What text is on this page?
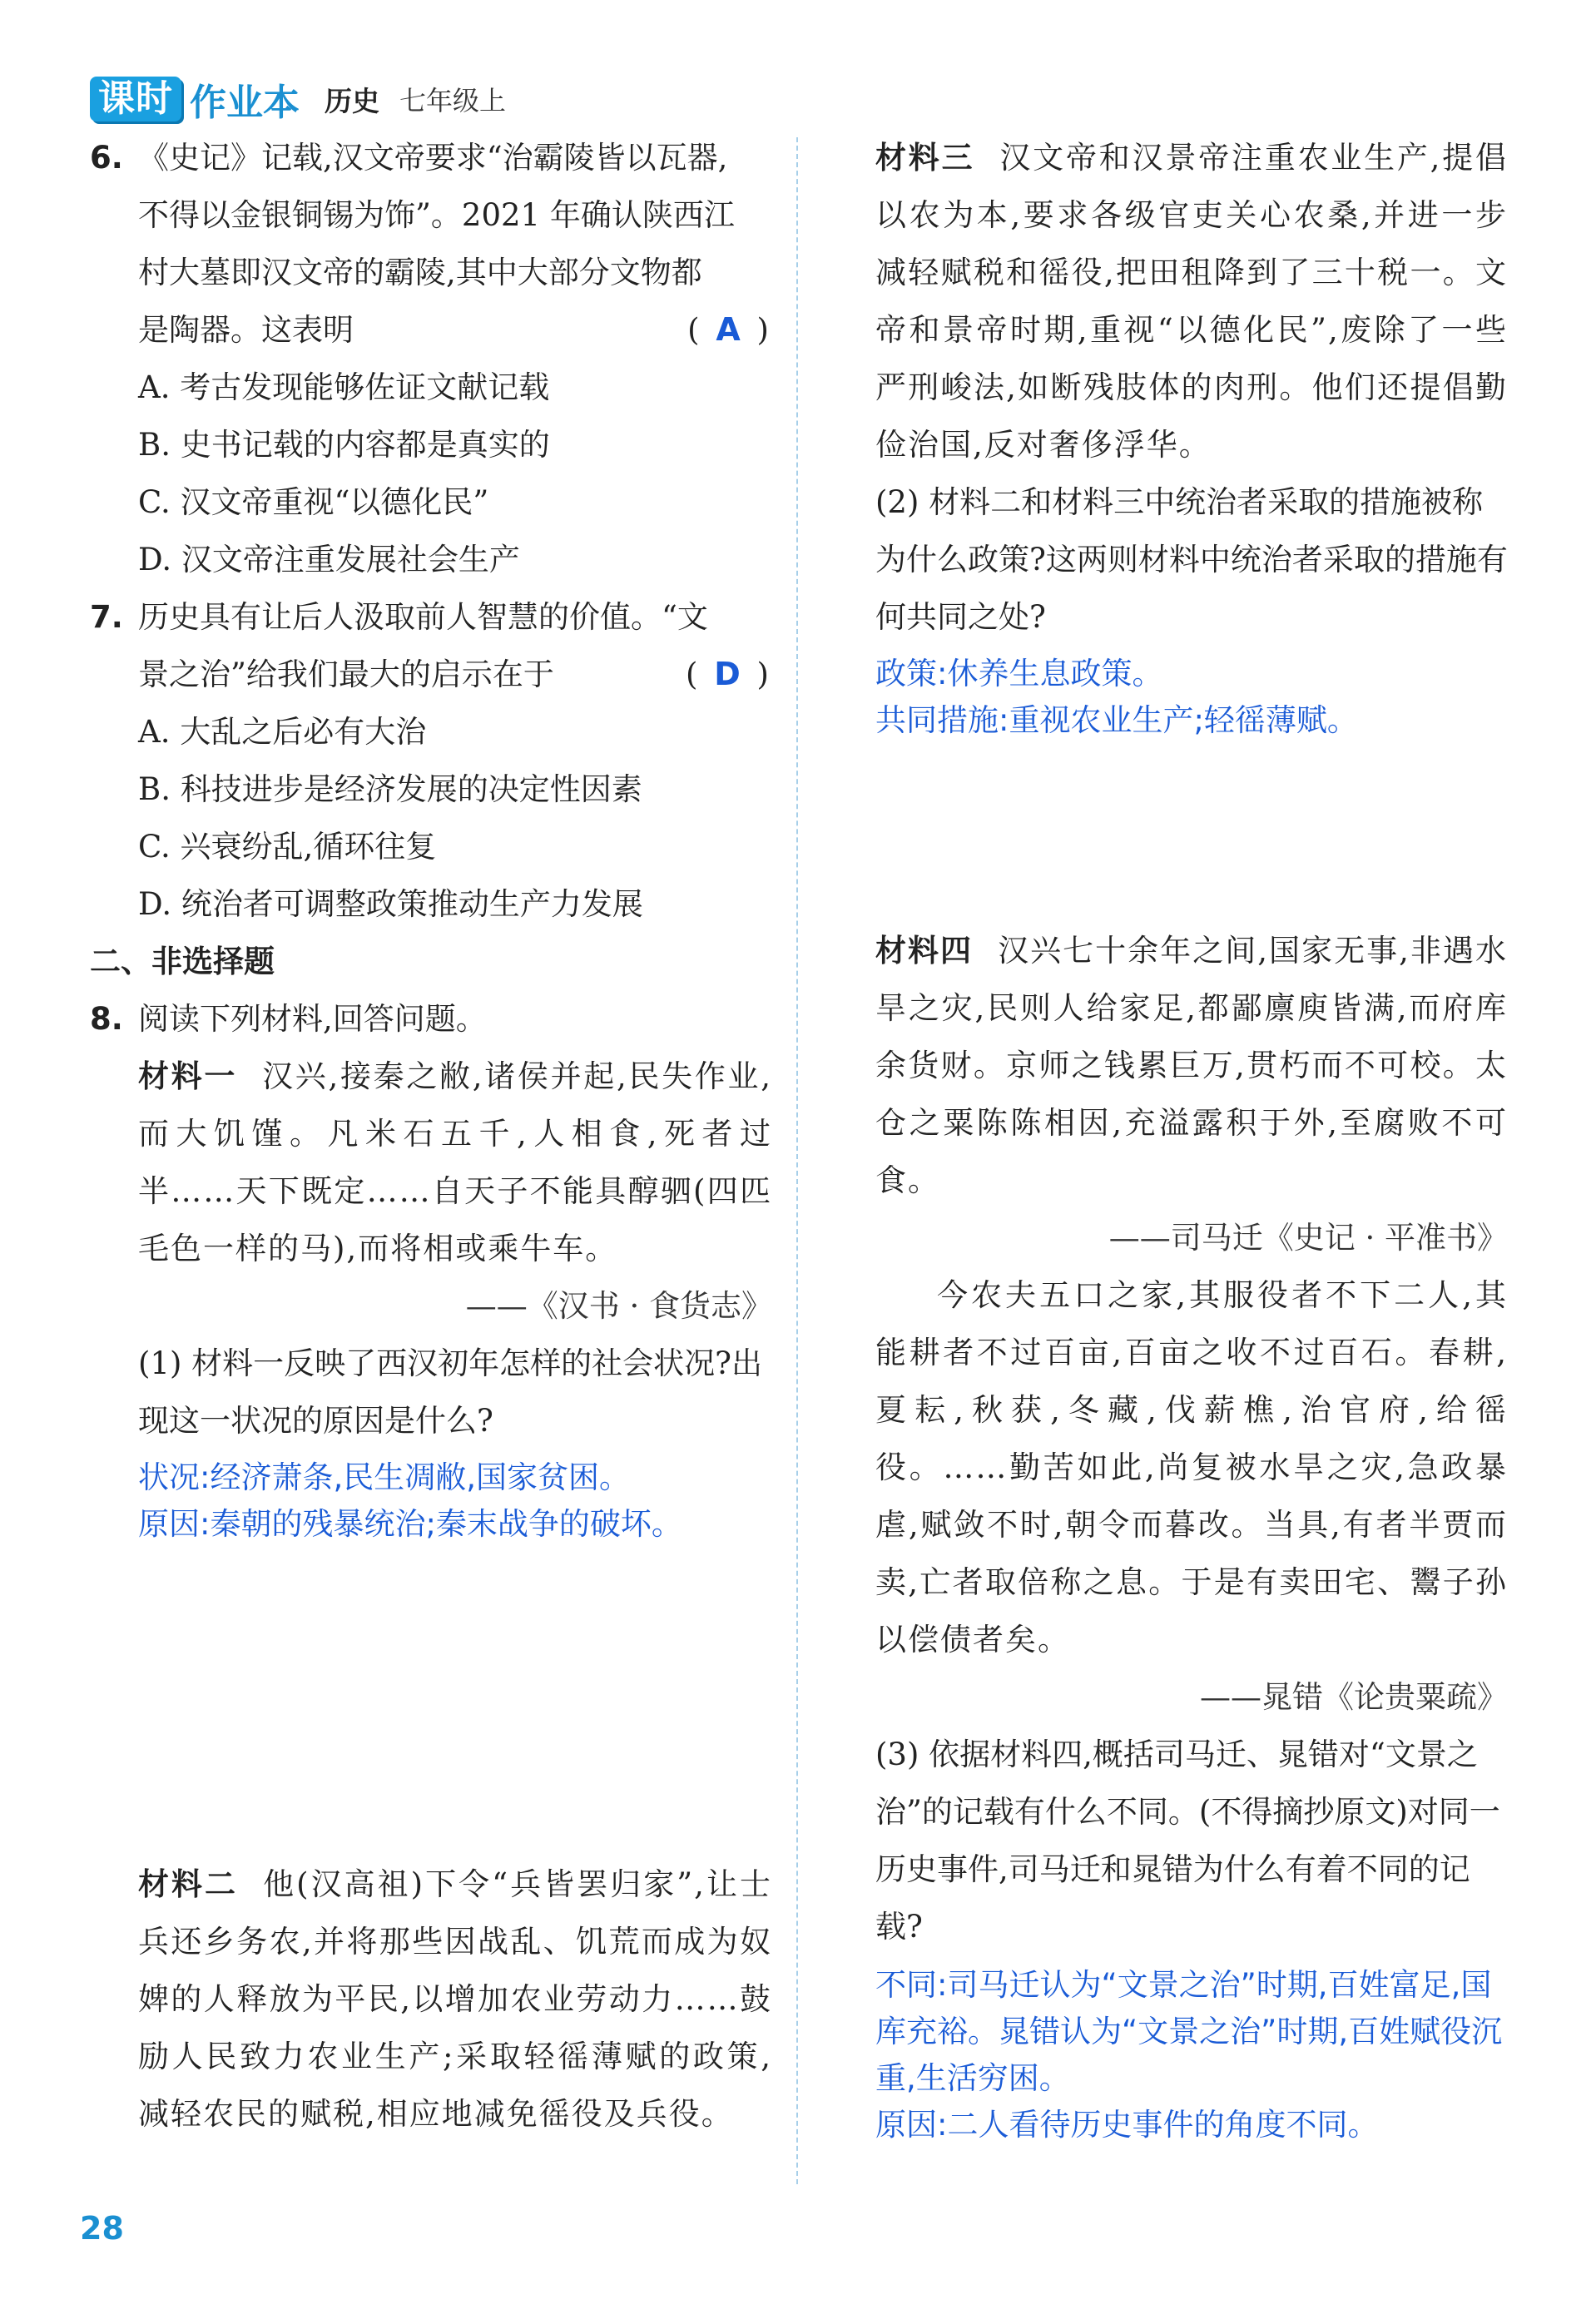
课时 作业本 历史 七年级上
6. 《史记》记载,汉文帝要求“治霸陵皆以瓦器,
不得以金银铜锡为饰”。2021 年确认陕西江
村大墓即汉文帝的霸陵,其中大部分文物都
是陶器。这表明	( A )
A. 考古发现能够佐证文献记载
B. 史书记载的内容都是真实的
C. 汉文帝重视“以德化民”
D. 汉文帝注重发展社会生产
7. 历史具有让后人汲取前人智慧的价值。“文
景之治”给我们最大的启示在于	( D )
A. 大乱之后必有大治
B. 科技进步是经济发展的决定性因素
C. 兴衰纷乱,循环往复
D. 统治者可调整政策推动生产力发展
二、非选择题
8. 阅读下列材料,回答问题。
材料一 汉兴,接秦之敝,诸侯并起,民失作业,而大饥馑。凡米石五千,人相食,死者过半……天下既定……自天子不能具醇驷(四匹毛色一样的马),而将相或乘牛车。
——《汉书 · 食货志》
(1) 材料一反映了西汉初年怎样的社会状况?出现这一状况的原因是什么?
状况:经济萧条,民生凋敝,国家贫困。
原因:秦朝的残暴统治;秦末战争的破坏。
材料二 他(汉高祖)下令“兵皆罢归家”,让士兵还乡务农,并将那些因战乱、饥荒而成为奴婢的人释放为平民,以增加农业劳动力……鼓励人民致力农业生产;采取轻徭薄赋的政策,减轻农民的赋税,相应地减免徭役及兵役。
材料三 汉文帝和汉景帝注重农业生产,提倡以农为本,要求各级官吏关心农桑,并进一步减轻赋税和徭役,把田租降到了三十税一。文帝和景帝时期,重视“以德化民”,废除了一些严刑峻法,如断残肢体的肉刑。他们还提倡勤俭治国,反对奢侈浮华。
(2) 材料二和材料三中统治者采取的措施被称为什么政策?这两则材料中统治者采取的措施有何共同之处?
政策:休养生息政策。
共同措施:重视农业生产;轻徭薄赋。
材料四 汉兴七十余年之间,国家无事,非遇水旱之灾,民则人给家足,都鄙廪庾皆满,而府库余货财。京师之钱累巨万,贯朽而不可校。太仓之粟陈陈相因,充溢露积于外,至腐败不可食。
——司马迁《史记 · 平准书》
今农夫五口之家,其服役者不下二人,其能耕者不过百亩,百亩之收不过百石。春耕,夏耘,秋获,冬藏,伐薪樵,治官府,给徭役。……勤苦如此,尚复被水旱之灾,急政暴虐,赋敛不时,朝令而暮改。当具,有者半贾而卖,亡者取倍称之息。于是有卖田宅、鬻子孙以偿债者矣。
——晁错《论贵粟疏》
(3) 依据材料四,概括司马迁、晁错对“文景之治”的记载有什么不同。(不得摘抄原文)对同一历史事件,司马迁和晁错为什么有着不同的记载?
不同:司马迁认为“文景之治”时期,百姓富足,国库充裕。晁错认为“文景之治”时期,百姓赋役沉重,生活穷困。
原因:二人看待历史事件的角度不同。
28
